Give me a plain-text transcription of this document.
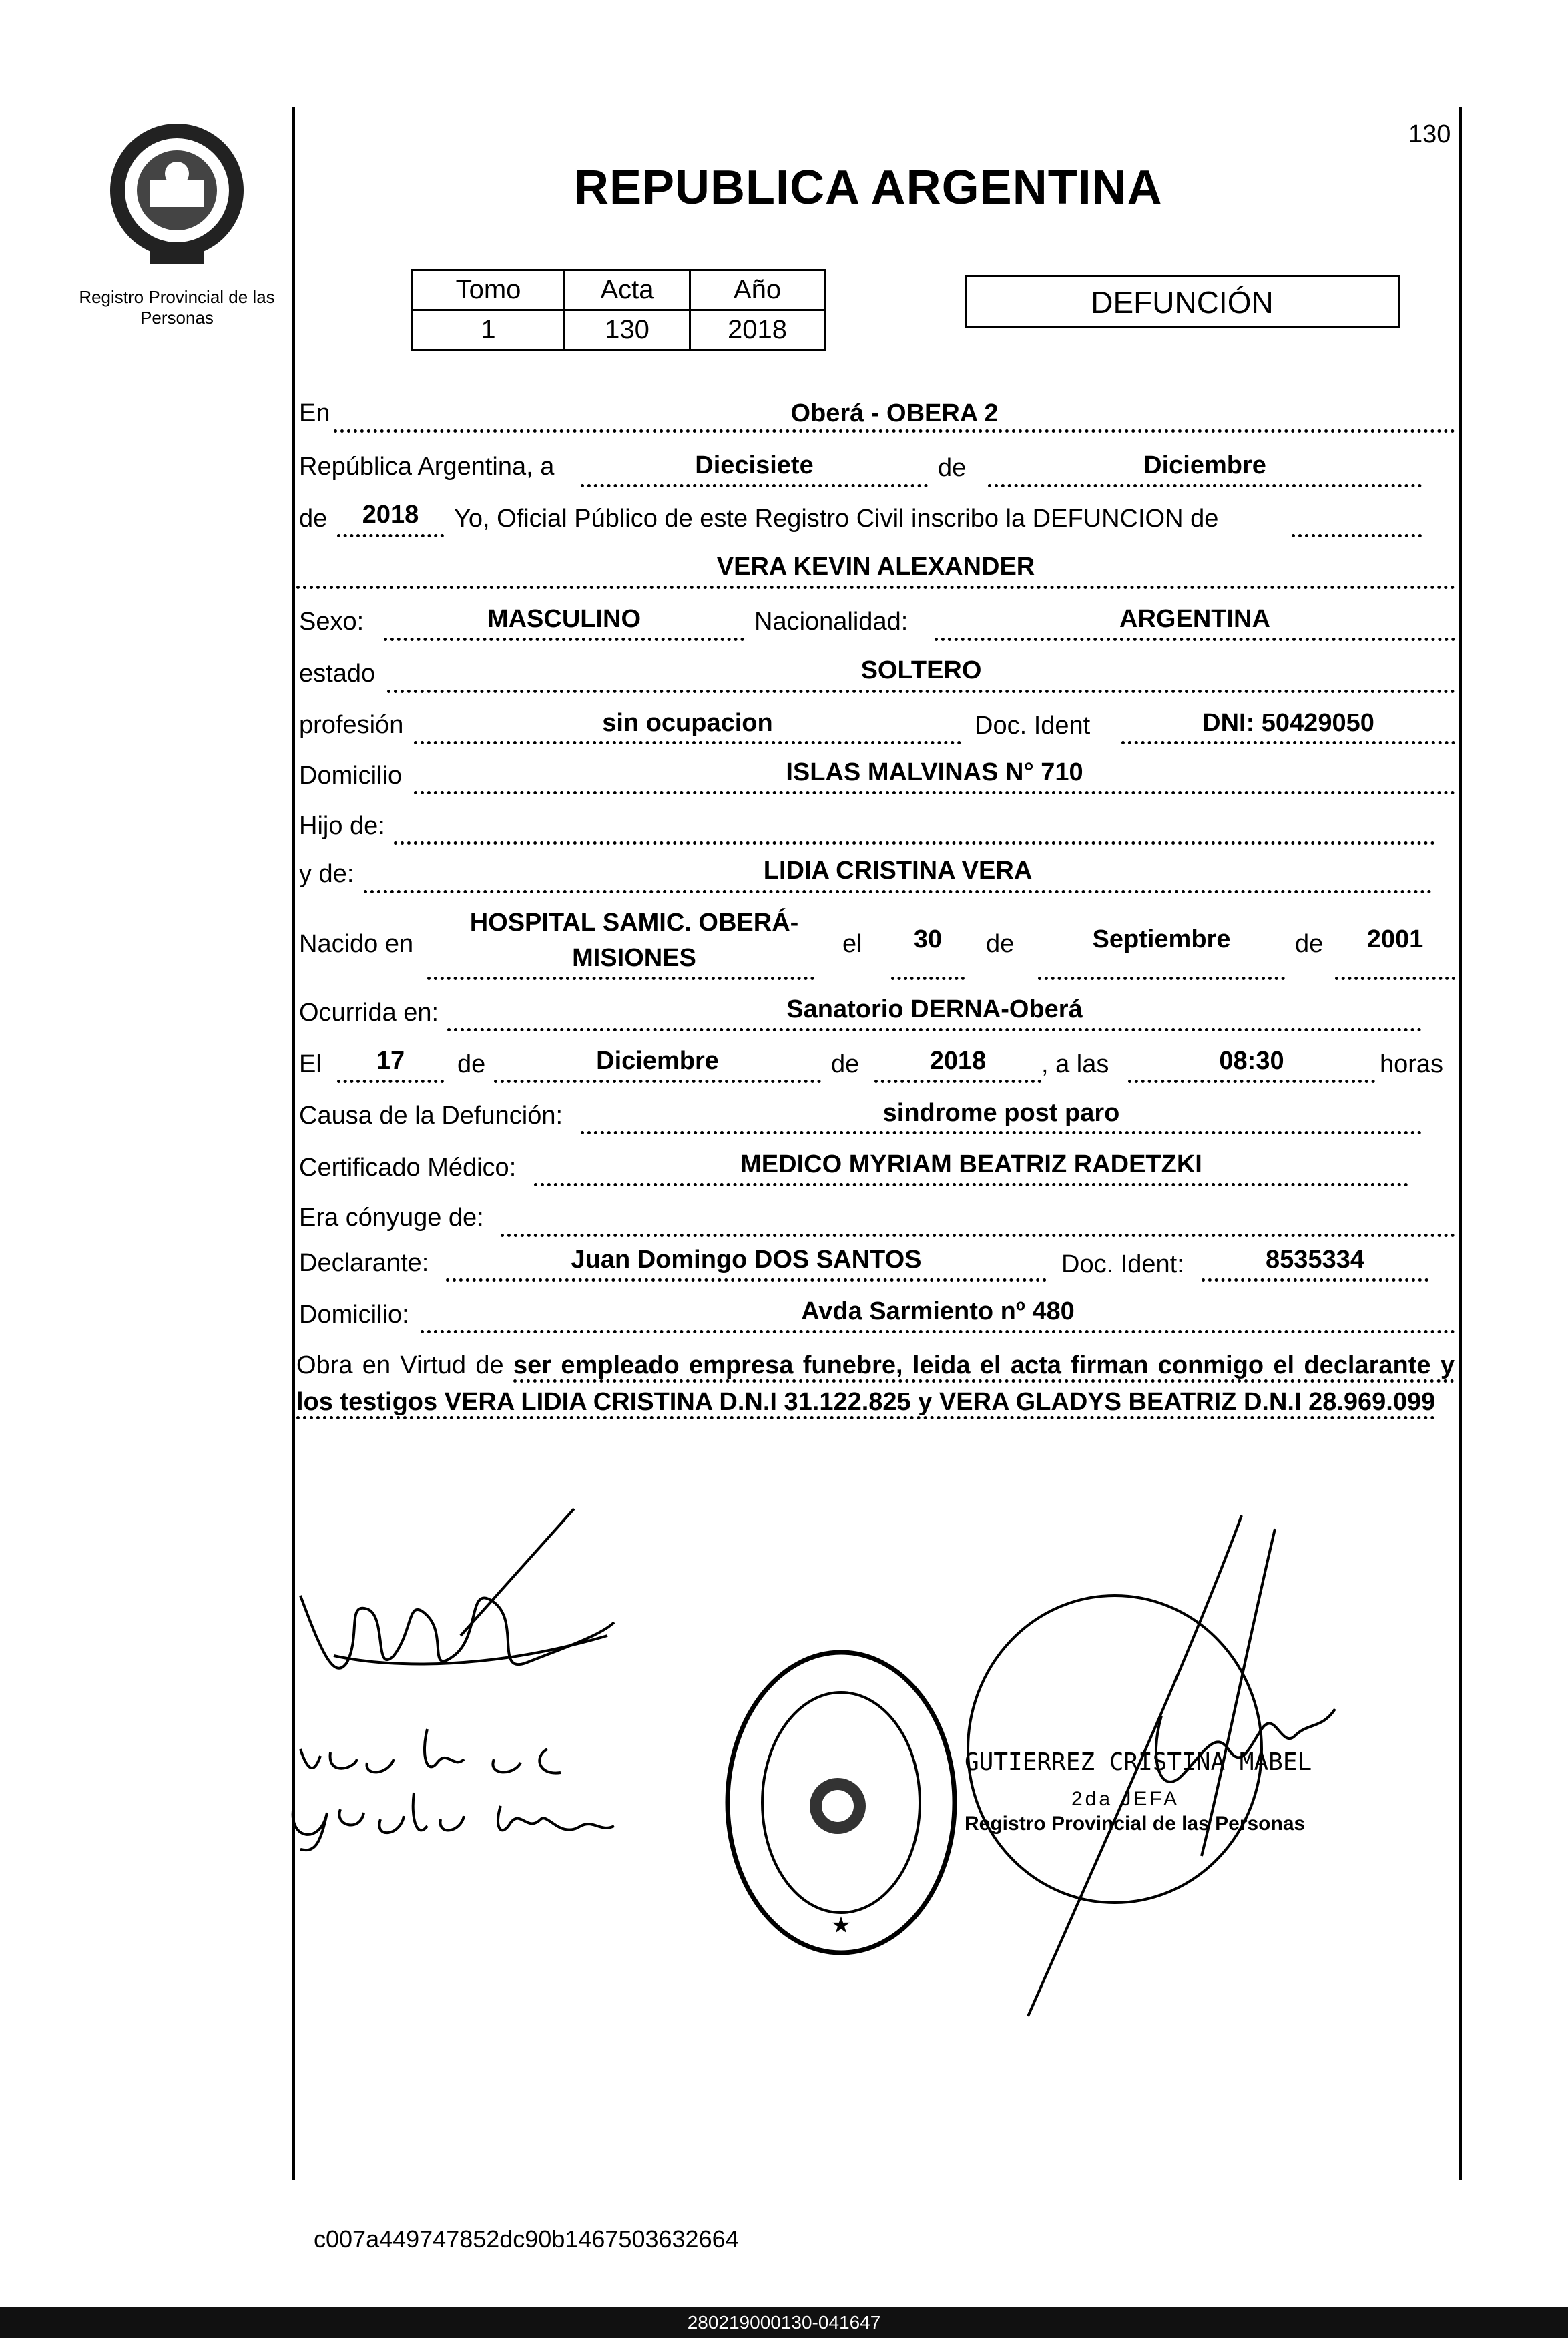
130
Registro Provincial de las Personas
REPUBLICA ARGENTINA
Tomo	Acta	Año
1	130	2018
DEFUNCIÓN
En	Oberá - OBERA 2
República Argentina, a	Diecisiete	de	Diciembre
de	2018	Yo, Oficial Público de este Registro Civil inscribo la DEFUNCION de
VERA KEVIN ALEXANDER
Sexo:	MASCULINO	Nacionalidad:	ARGENTINA
estado	SOLTERO
profesión	sin ocupacion	Doc. Ident	DNI: 50429050
Domicilio	ISLAS MALVINAS N° 710
Hijo de:
y de:	LIDIA CRISTINA VERA
Nacido en
HOSPITAL SAMIC. OBERÁ-
MISIONES	el	30	de	Septiembre	de	2001
Ocurrida en:	Sanatorio DERNA-Oberá
El	17	de	Diciembre	de	2018	, a las	08:30	horas
Causa de la Defunción:	sindrome post paro
Certificado Médico:	MEDICO MYRIAM BEATRIZ RADETZKI
Era cónyuge de:
Declarante:	Juan Domingo DOS SANTOS	Doc. Ident:	8535334
Domicilio:	Avda Sarmiento nº 480
Obra en Virtud de ser empleado empresa funebre, leida el acta firman conmigo el declarante y los testigos VERA LIDIA CRISTINA D.N.I 31.122.825 y VERA GLADYS BEATRIZ D.N.I 28.969.099
★
GUTIERREZ CRISTINA MABEL
2da JEFA
Registro Provincial de las Personas
c007a449747852dc90b1467503632664
280219000130-041647
